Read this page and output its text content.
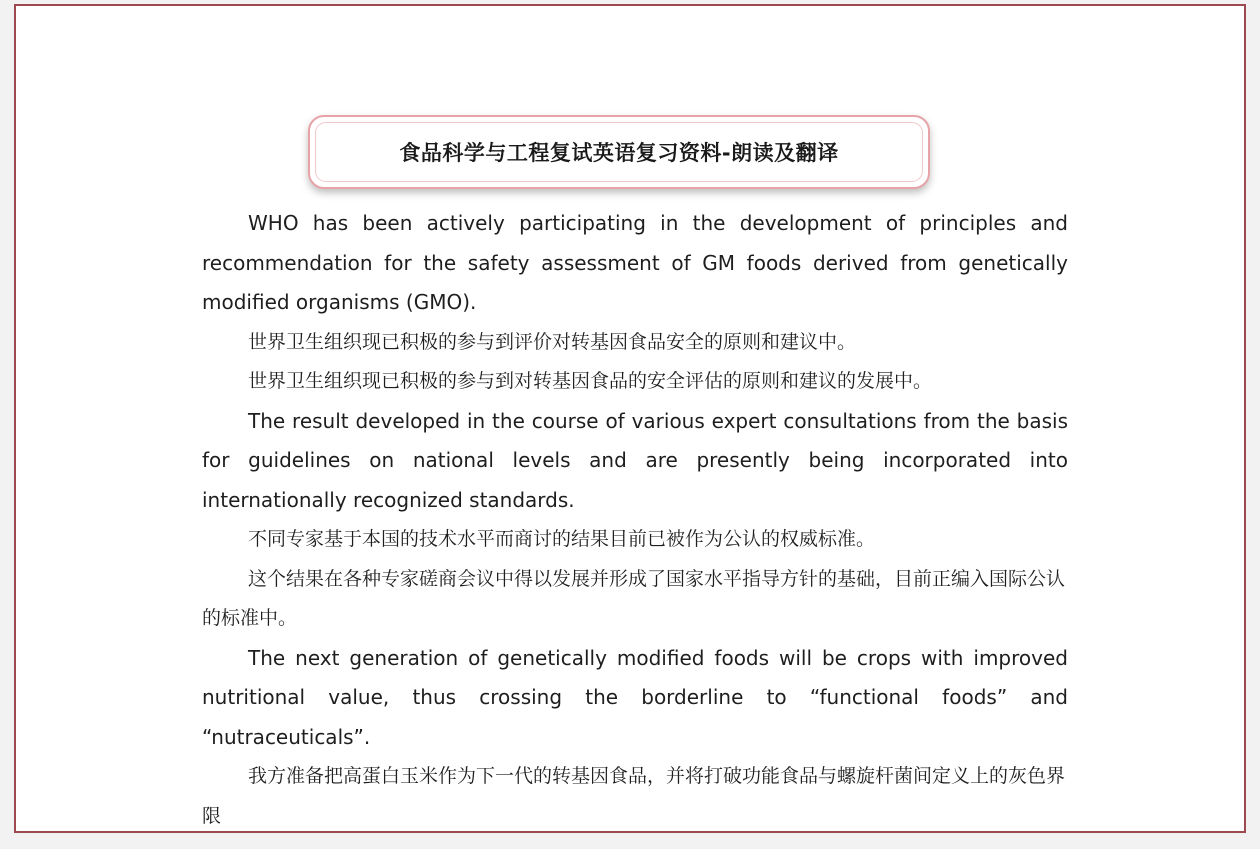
食品科学与工程复试英语复习资料-朗读及翻译

WHO has been actively participating in the development of principles and recommendation for the safety assessment of GM foods derived from genetically modified organisms (GMO).

世界卫生组织现已积极的参与到评价对转基因食品安全的原则和建议中。

世界卫生组织现已积极的参与到对转基因食品的安全评估的原则和建议的发展中。

The result developed in the course of various expert consultations from the basis for guidelines on national levels and are presently being incorporated into internationally recognized standards.

不同专家基于本国的技术水平而商讨的结果目前已被作为公认的权威标准。

这个结果在各种专家磋商会议中得以发展并形成了国家水平指导方针的基础，目前正编入国际公认的标准中。

The next generation of genetically modified foods will be crops with improved nutritional value, thus crossing the borderline to “functional foods” and “nutraceuticals”.

我方准备把高蛋白玉米作为下一代的转基因食品，并将打破功能食品与螺旋杆菌间定义上的灰色界限
